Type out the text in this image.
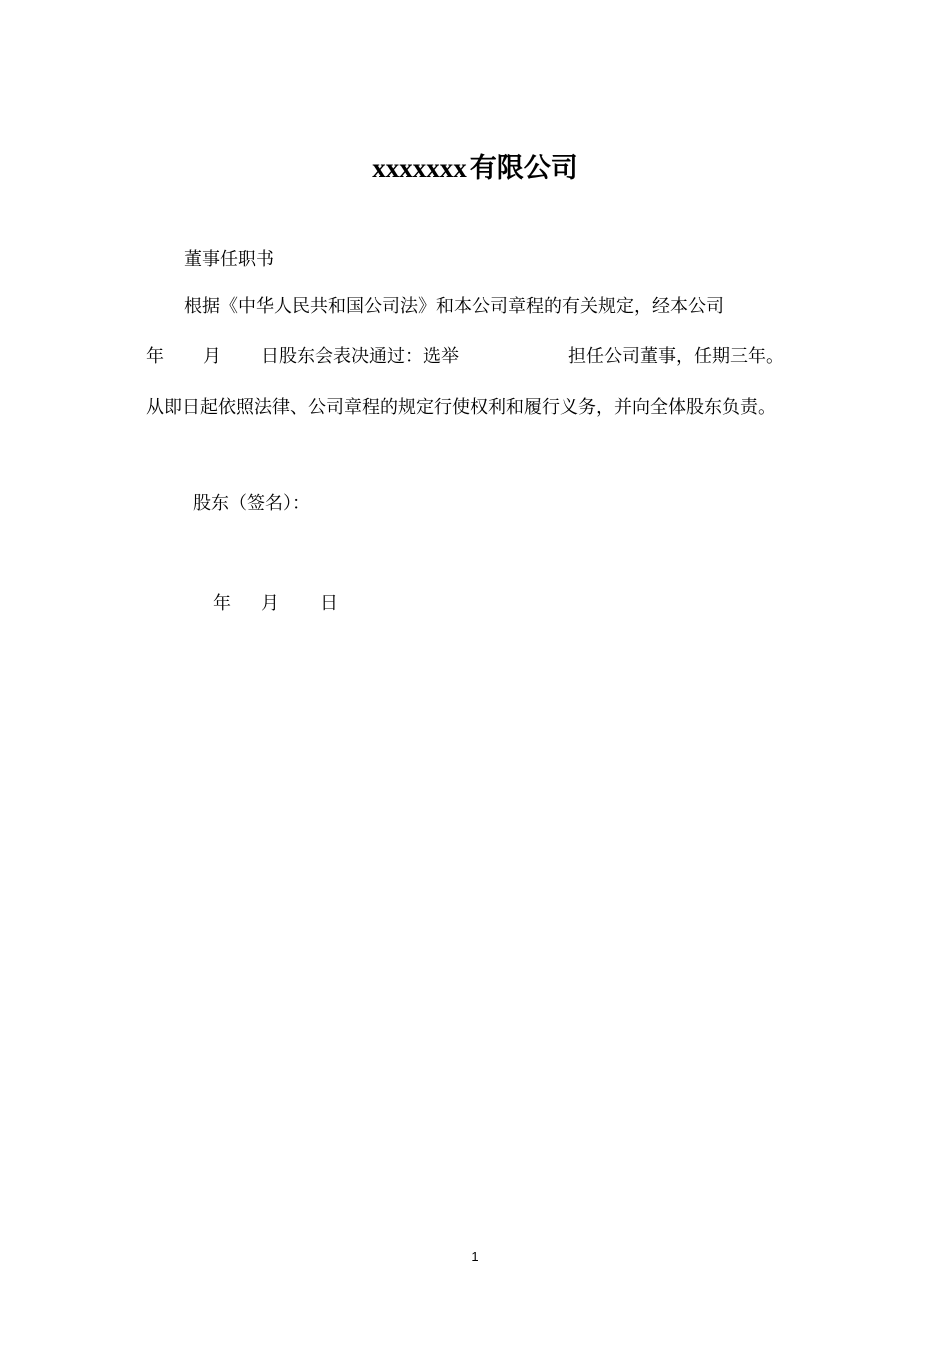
xxxxxxx 有限公司
董事任职书
根据《中华人民共和国公司法》和本公司章程的有关规定，经本公司
年 月 日股东会表决通过：选举	担任公司董事，任期三年。
从即日起依照法律、公司章程的规定行使权利和履行义务，并向全体股东负责。
股东（签名）：
年 月 日
1
